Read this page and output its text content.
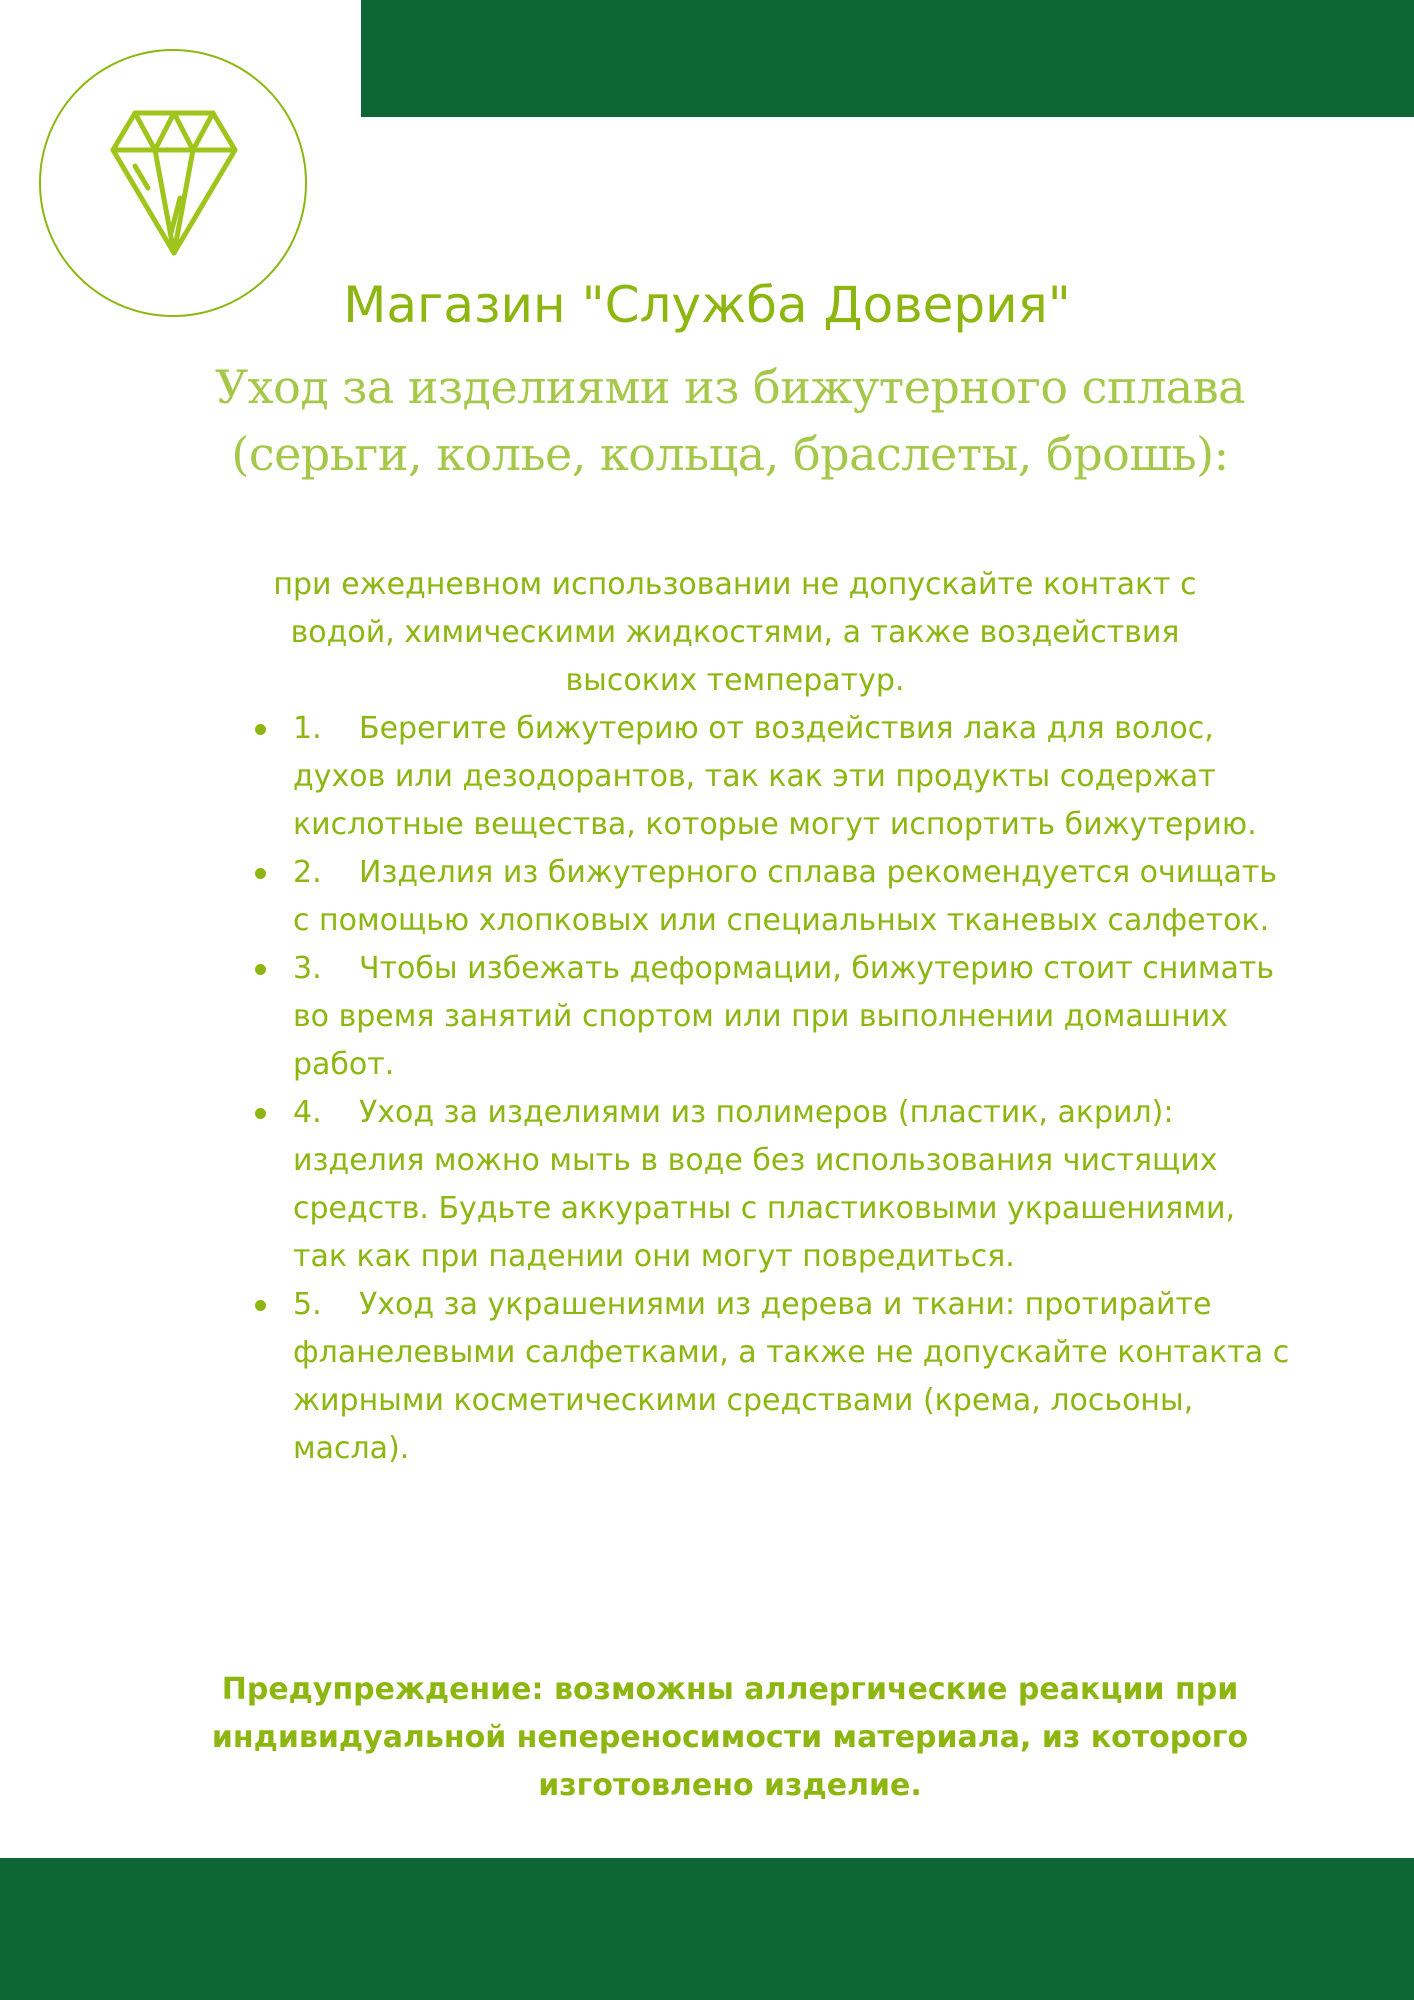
Магазин "Служба Доверия"
Уход за изделиями из бижутерного сплава (серьги, колье, кольца, браслеты, брошь):
при ежедневном использовании не допускайте контакт с водой, химическими жидкостями, а также воздействия высоких температур.
1. Берегите бижутерию от воздействия лака для волос, духов или дезодорантов, так как эти продукты содержат кислотные вещества, которые могут испортить бижутерию.
2. Изделия из бижутерного сплава рекомендуется очищать с помощью хлопковых или специальных тканевых салфеток.
3. Чтобы избежать деформации, бижутерию стоит снимать во время занятий спортом или при выполнении домашних работ.
4. Уход за изделиями из полимеров (пластик, акрил): изделия можно мыть в воде без использования чистящих средств. Будьте аккуратны с пластиковыми украшениями, так как при падении они могут повредиться.
5. Уход за украшениями из дерева и ткани: протирайте фланелевыми салфетками, а также не допускайте контакта с жирными косметическими средствами (крема, лосьоны, масла).
Предупреждение: возможны аллергические реакции при индивидуальной непереносимости материала, из которого изготовлено изделие.
